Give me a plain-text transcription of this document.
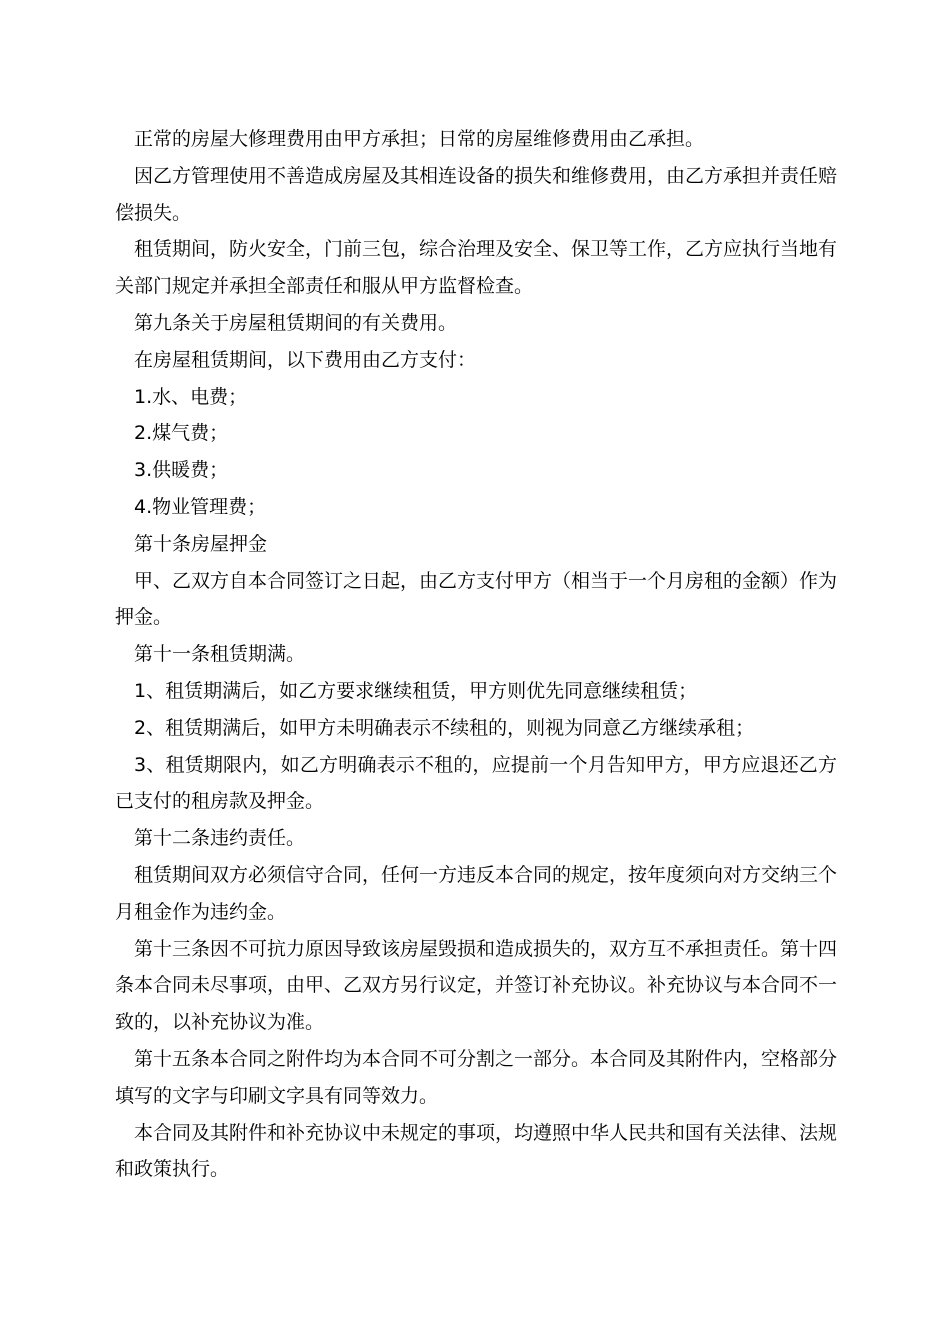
正常的房屋大修理费用由甲方承担；日常的房屋维修费用由乙承担。

因乙方管理使用不善造成房屋及其相连设备的损失和维修费用，由乙方承担并责任赔偿损失。

租赁期间，防火安全，门前三包，综合治理及安全、保卫等工作，乙方应执行当地有关部门规定并承担全部责任和服从甲方监督检查。

第九条关于房屋租赁期间的有关费用。

在房屋租赁期间，以下费用由乙方支付：

1.水、电费；

2.煤气费；

3.供暖费；

4.物业管理费；

第十条房屋押金

甲、乙双方自本合同签订之日起，由乙方支付甲方（相当于一个月房租的金额）作为押金。

第十一条租赁期满。

1、租赁期满后，如乙方要求继续租赁，甲方则优先同意继续租赁；

2、租赁期满后，如甲方未明确表示不续租的，则视为同意乙方继续承租；

3、租赁期限内，如乙方明确表示不租的，应提前一个月告知甲方，甲方应退还乙方已支付的租房款及押金。

第十二条违约责任。

租赁期间双方必须信守合同，任何一方违反本合同的规定，按年度须向对方交纳三个月租金作为违约金。

第十三条因不可抗力原因导致该房屋毁损和造成损失的，双方互不承担责任。第十四条本合同未尽事项，由甲、乙双方另行议定，并签订补充协议。补充协议与本合同不一致的，以补充协议为准。

第十五条本合同之附件均为本合同不可分割之一部分。本合同及其附件内，空格部分填写的文字与印刷文字具有同等效力。

本合同及其附件和补充协议中未规定的事项，均遵照中华人民共和国有关法律、法规和政策执行。
